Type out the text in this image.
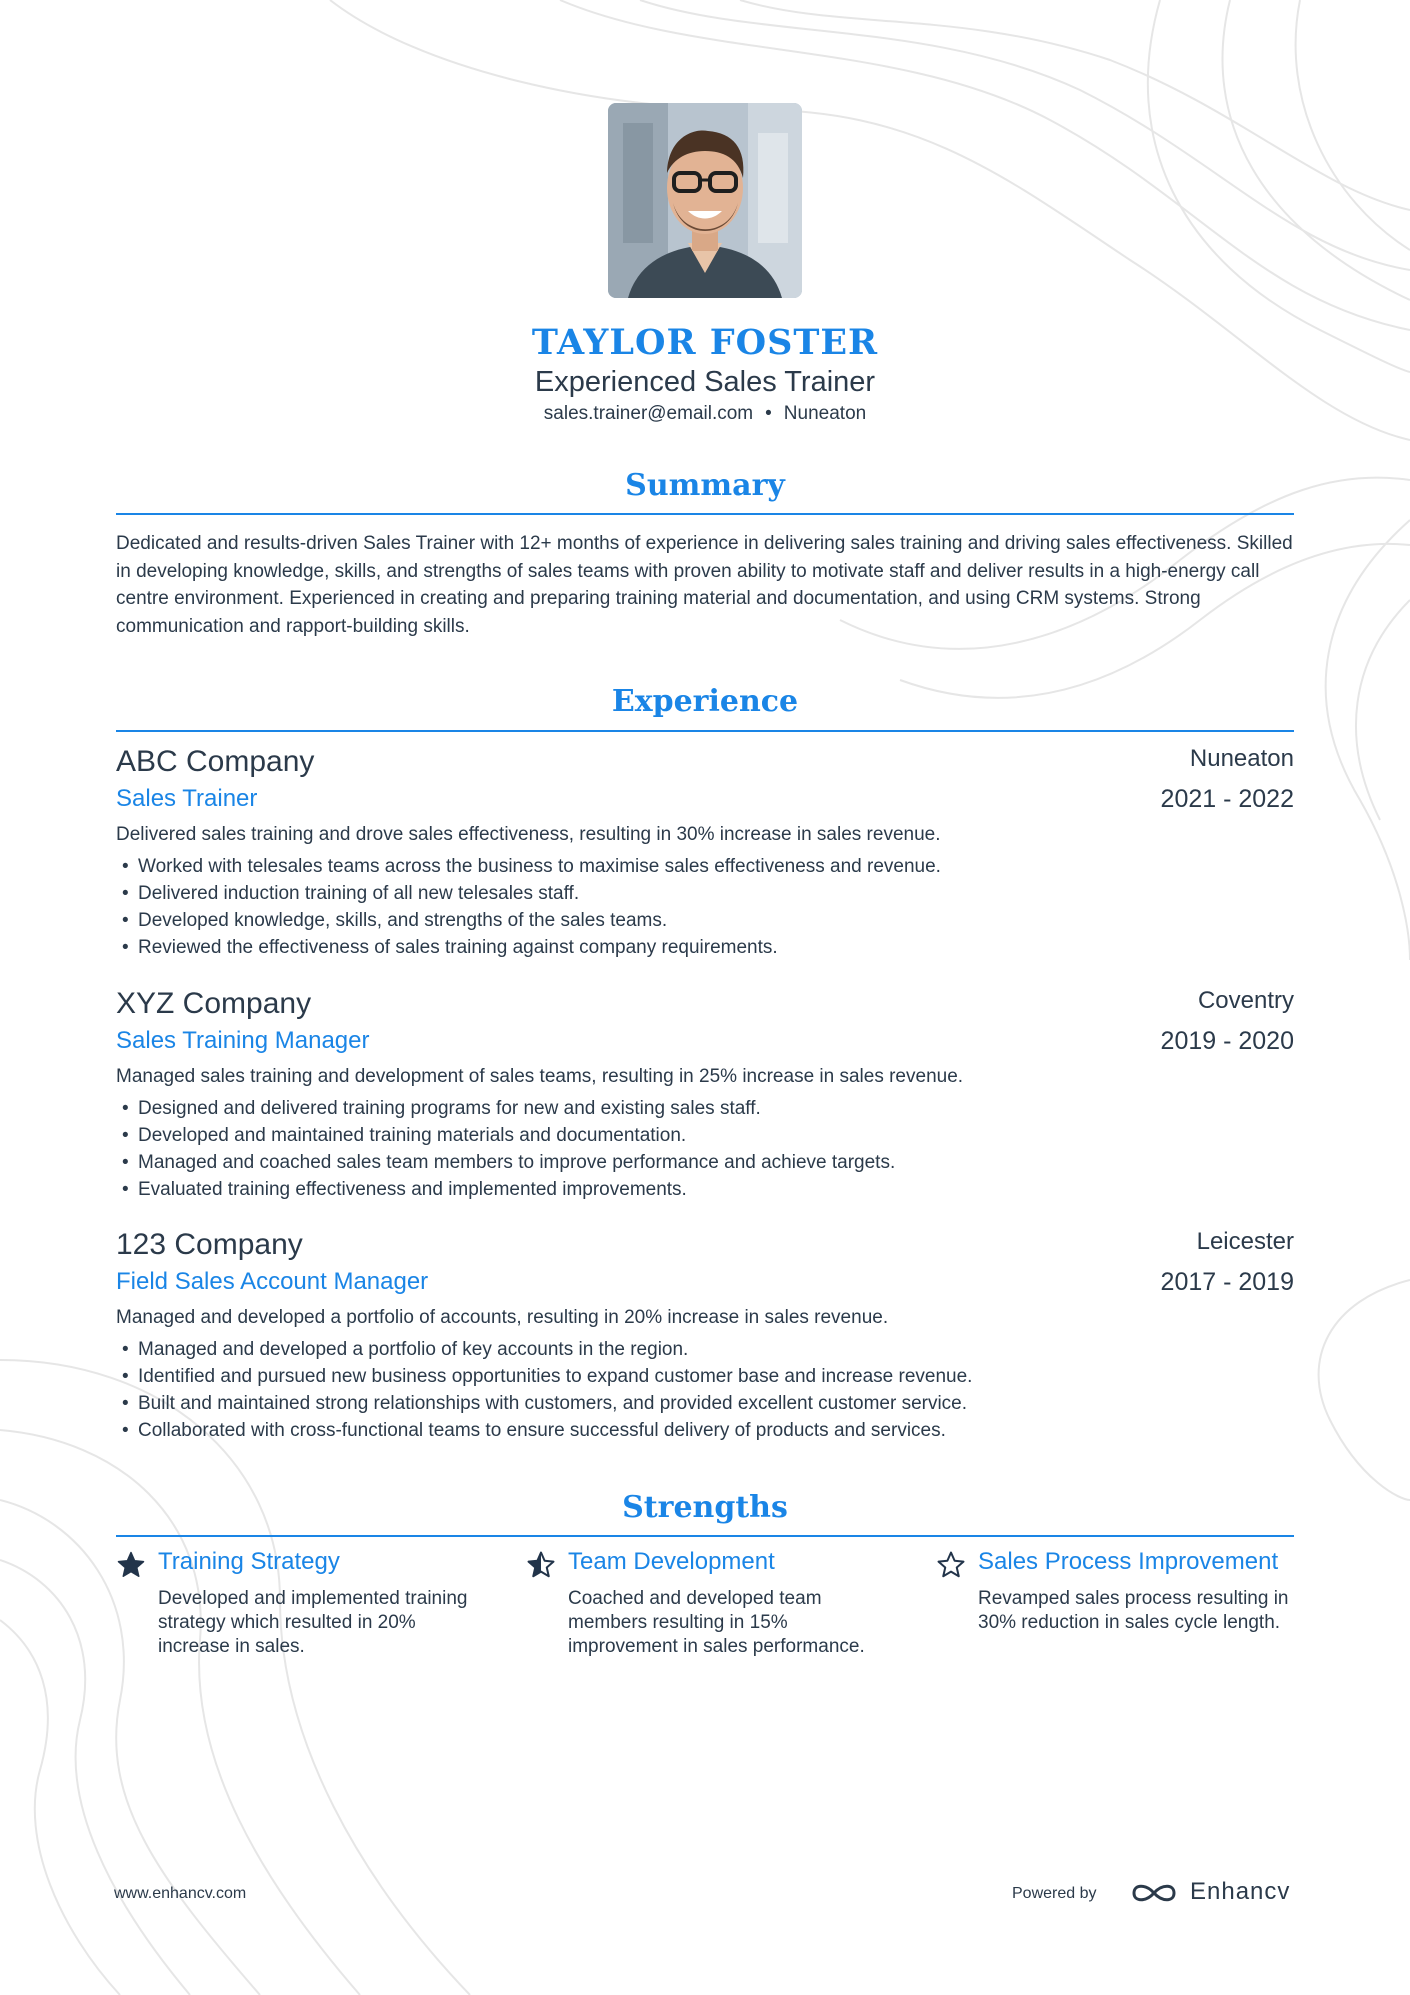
TAYLOR FOSTER
Experienced Sales Trainer
sales.trainer@email.com • Nuneaton
Summary

Dedicated and results-driven Sales Trainer with 12+ months of experience in delivering sales training and driving sales effectiveness. Skilled in developing knowledge, skills, and strengths of sales teams with proven ability to motivate staff and deliver results in a high-energy call centre environment. Experienced in creating and preparing training material and documentation, and using CRM systems. Strong communication and rapport-building skills.

Experience
ABC Company
Sales Trainer
Nuneaton
2021 - 2022
Delivered sales training and drove sales effectiveness, resulting in 30% increase in sales revenue.
• Worked with telesales teams across the business to maximise sales effectiveness and revenue.
• Delivered induction training of all new telesales staff.
• Developed knowledge, skills, and strengths of the sales teams.
• Reviewed the effectiveness of sales training against company requirements.
XYZ Company
Sales Training Manager
Coventry
2019 - 2020
Managed sales training and development of sales teams, resulting in 25% increase in sales revenue.
• Designed and delivered training programs for new and existing sales staff.
• Developed and maintained training materials and documentation.
• Managed and coached sales team members to improve performance and achieve targets.
• Evaluated training effectiveness and implemented improvements.
123 Company
Field Sales Account Manager
Leicester
2017 - 2019
Managed and developed a portfolio of accounts, resulting in 20% increase in sales revenue.
• Managed and developed a portfolio of key accounts in the region.
• Identified and pursued new business opportunities to expand customer base and increase revenue.
• Built and maintained strong relationships with customers, and provided excellent customer service.
• Collaborated with cross-functional teams to ensure successful delivery of products and services.
Strengths
Training Strategy

Developed and implemented training strategy which resulted in 20% increase in sales.

Team Development

Coached and developed team members resulting in 15% improvement in sales performance.

Sales Process Improvement

Revamped sales process resulting in 30% reduction in sales cycle length.

www.enhancv.com	Powered by	Enhancv
